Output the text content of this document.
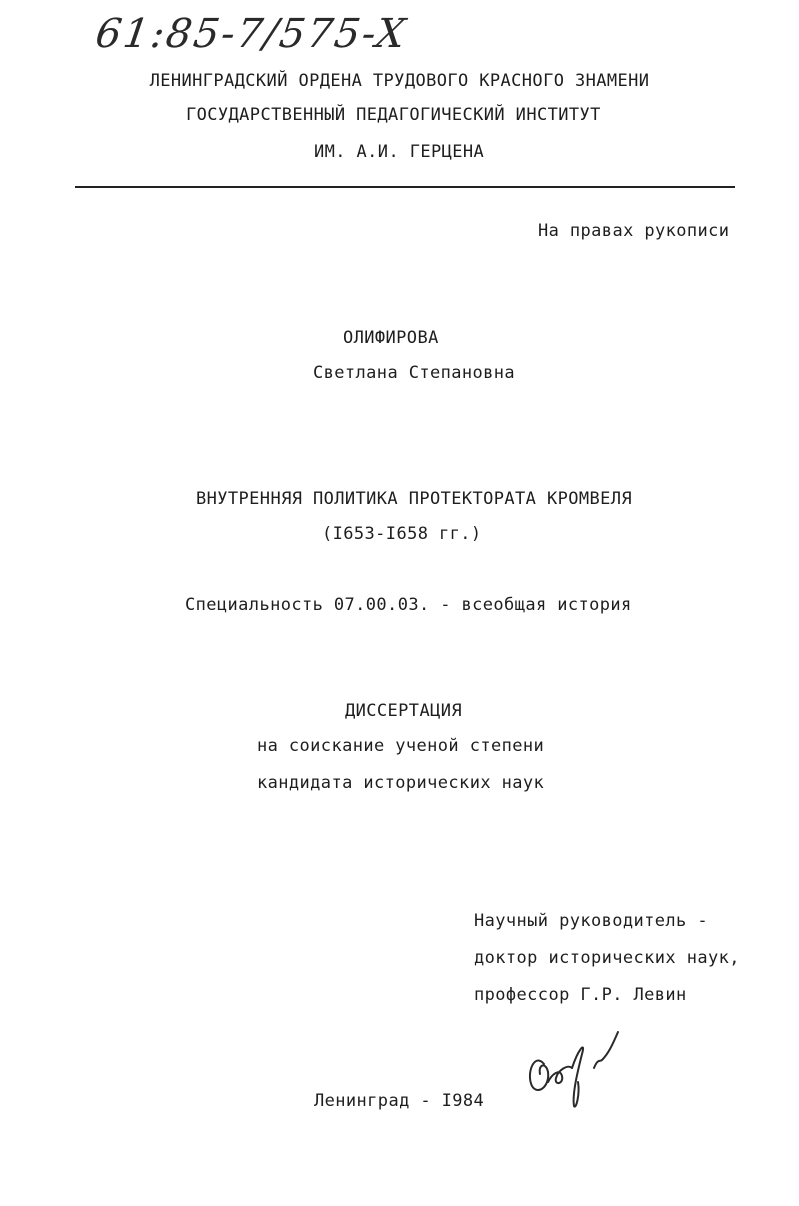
61:85-7/575-X
ЛЕНИНГРАДСКИЙ ОРДЕНА ТРУДОВОГО КРАСНОГО ЗНАМЕНИ
ГОСУДАРСТВЕННЫЙ ПЕДАГОГИЧЕСКИЙ ИНСТИТУТ
ИМ. А.И. ГЕРЦЕНА
На правах рукописи
ОЛИФИРОВА
Светлана Степановна
ВНУТРЕННЯЯ ПОЛИТИКА ПРОТЕКТОРАТА КРОМВЕЛЯ
(I653-I658 гг.)
Специальность 07.00.03. - всеобщая история
ДИССЕРТАЦИЯ
на соискание ученой степени
кандидата исторических наук
Научный руководитель -
доктор исторических наук,
профессор Г.Р. Левин
Ленинград - I984
